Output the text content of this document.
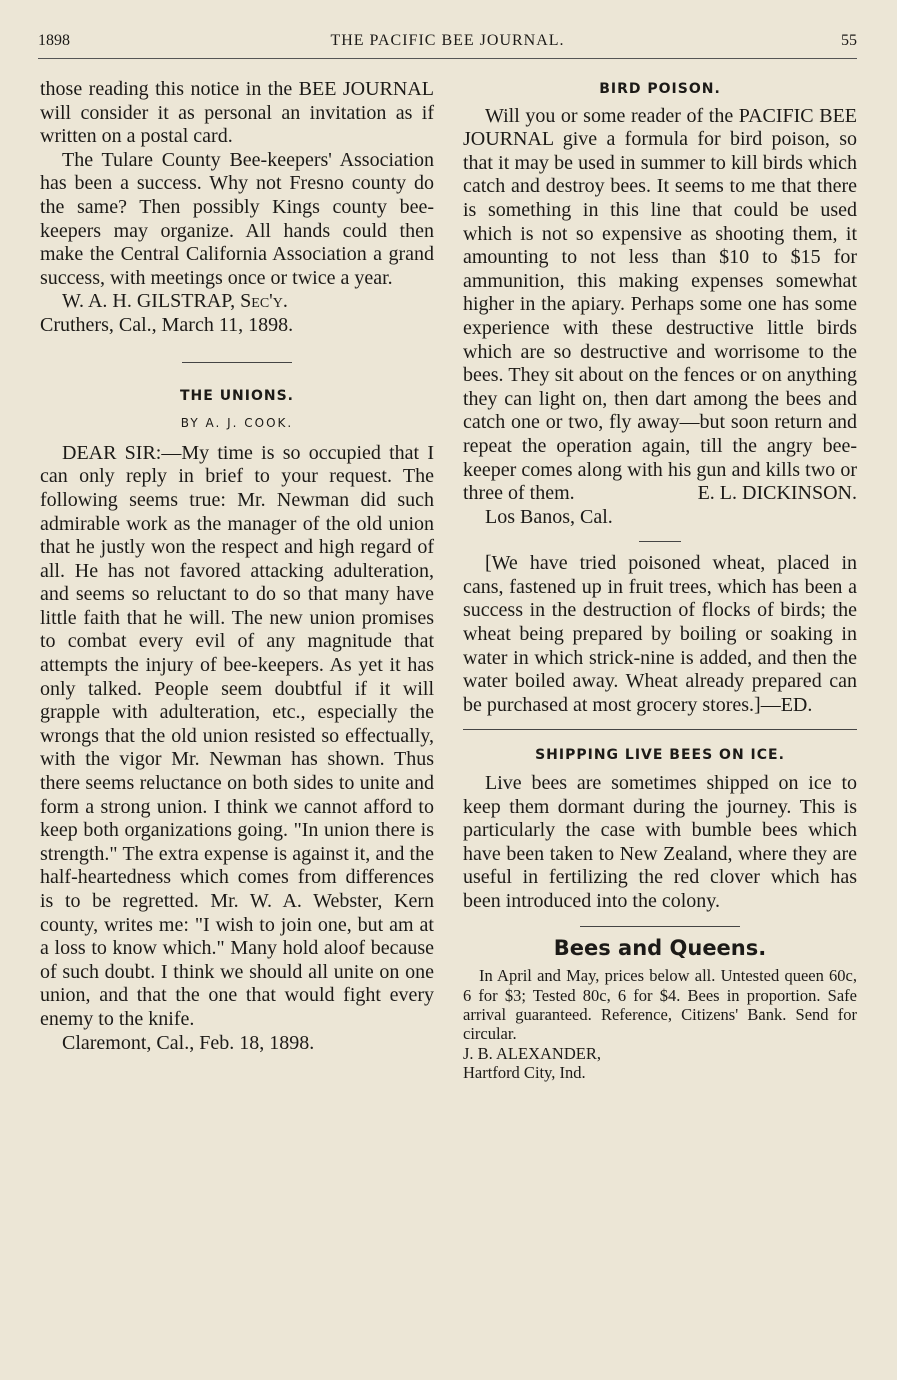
1898	THE PACIFIC BEE JOURNAL.	55

those reading this notice in the BEE JOURNAL will consider it as personal an invitation as if written on a postal card.

The Tulare County Bee-keepers' Association has been a success. Why not Fresno county do the same? Then possibly Kings county bee-keepers may organize. All hands could then make the Central California Association a grand success, with meetings once or twice a year.

W. A. H. GILSTRAP, Sec'y.

Cruthers, Cal., March 11, 1898.

THE UNIONS.

BY A. J. COOK.

DEAR SIR:—My time is so occupied that I can only reply in brief to your request. The following seems true: Mr. Newman did such admirable work as the manager of the old union that he justly won the respect and high regard of all. He has not favored attacking adulteration, and seems so reluctant to do so that many have little faith that he will. The new union promises to combat every evil of any magnitude that attempts the injury of bee-keepers. As yet it has only talked. People seem doubtful if it will grapple with adulteration, etc., especially the wrongs that the old union resisted so effectually, with the vigor Mr. Newman has shown. Thus there seems reluctance on both sides to unite and form a strong union. I think we cannot afford to keep both organizations going. "In union there is strength." The extra expense is against it, and the half-heartedness which comes from differences is to be regretted. Mr. W. A. Webster, Kern county, writes me: "I wish to join one, but am at a loss to know which." Many hold aloof because of such doubt. I think we should all unite on one union, and that the one that would fight every enemy to the knife.

Claremont, Cal., Feb. 18, 1898.

BIRD POISON.

Will you or some reader of the PACIFIC BEE JOURNAL give a formula for bird poison, so that it may be used in summer to kill birds which catch and destroy bees. It seems to me that there is something in this line that could be used which is not so expensive as shooting them, it amounting to not less than $10 to $15 for ammunition, this making expenses somewhat higher in the apiary. Perhaps some one has some experience with these destructive little birds which are so destructive and worrisome to the bees. They sit about on the fences or on anything they can light on, then dart among the bees and catch one or two, fly away—but soon return and repeat the operation again, till the angry bee-keeper comes along with his gun and kills two or three of them.	E. L. DICKINSON.

Los Banos, Cal.

[We have tried poisoned wheat, placed in cans, fastened up in fruit trees, which has been a success in the destruction of flocks of birds; the wheat being prepared by boiling or soaking in water in which strick-nine is added, and then the water boiled away. Wheat already prepared can be purchased at most grocery stores.]—ED.

SHIPPING LIVE BEES ON ICE.

Live bees are sometimes shipped on ice to keep them dormant during the journey. This is particularly the case with bumble bees which have been taken to New Zealand, where they are useful in fertilizing the red clover which has been introduced into the colony.

Bees and Queens.

In April and May, prices below all. Untested queen 60c, 6 for $3; Tested 80c, 6 for $4. Bees in proportion. Safe arrival guaranteed. Reference, Citizens' Bank. Send for circular.

J. B. ALEXANDER,

Hartford City, Ind.
